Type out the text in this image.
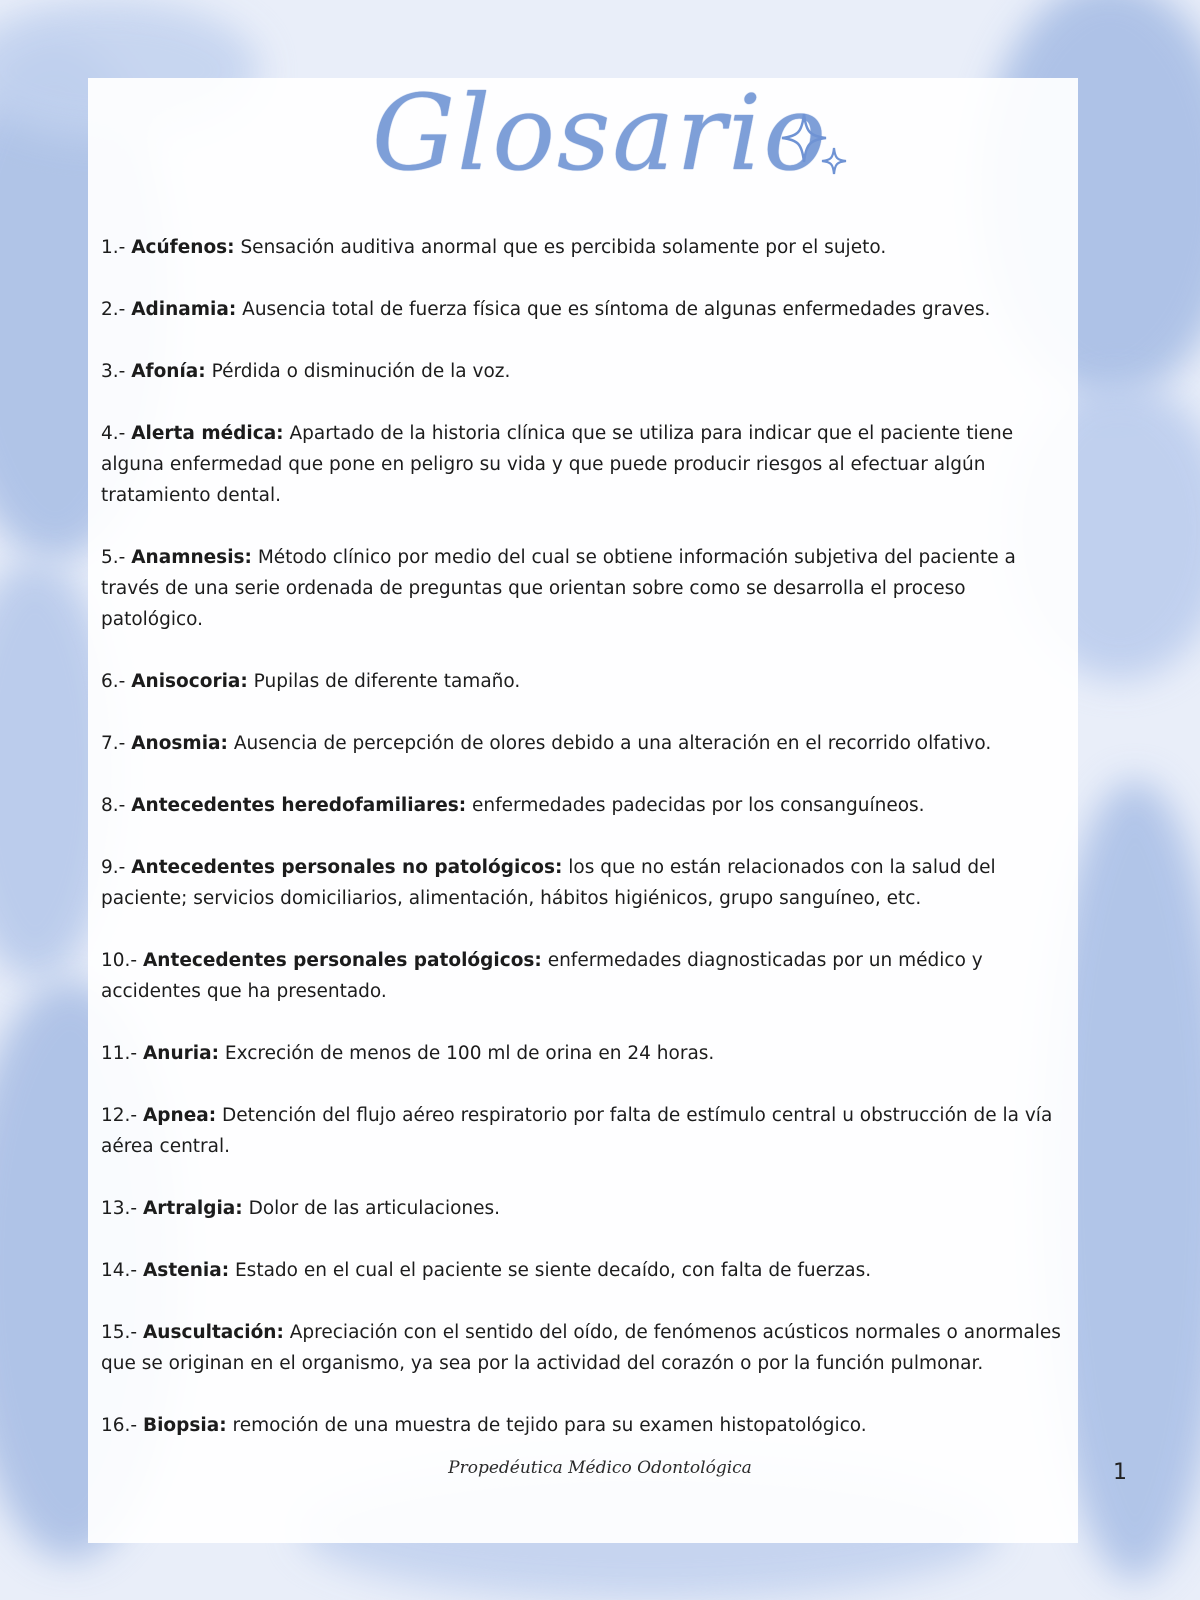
Glosario
1.- Acúfenos: Sensación auditiva anormal que es percibida solamente por el sujeto.
2.- Adinamia: Ausencia total de fuerza física que es síntoma de algunas enfermedades graves.
3.- Afonía: Pérdida o disminución de la voz.
4.- Alerta médica: Apartado de la historia clínica que se utiliza para indicar que el paciente tiene alguna enfermedad que pone en peligro su vida y que puede producir riesgos al efectuar algún tratamiento dental.
5.- Anamnesis: Método clínico por medio del cual se obtiene información subjetiva del paciente a través de una serie ordenada de preguntas que orientan sobre como se desarrolla el proceso patológico.
6.- Anisocoria: Pupilas de diferente tamaño.
7.- Anosmia: Ausencia de percepción de olores debido a una alteración en el recorrido olfativo.
8.- Antecedentes heredofamiliares: enfermedades padecidas por los consanguíneos.
9.- Antecedentes personales no patológicos: los que no están relacionados con la salud del paciente; servicios domiciliarios, alimentación, hábitos higiénicos, grupo sanguíneo, etc.
10.- Antecedentes personales patológicos: enfermedades diagnosticadas por un médico y accidentes que ha presentado.
11.- Anuria: Excreción de menos de 100 ml de orina en 24 horas.
12.- Apnea: Detención del flujo aéreo respiratorio por falta de estímulo central u obstrucción de la vía aérea central.
13.- Artralgia: Dolor de las articulaciones.
14.- Astenia: Estado en el cual el paciente se siente decaído, con falta de fuerzas.
15.- Auscultación: Apreciación con el sentido del oído, de fenómenos acústicos normales o anormales que se originan en el organismo, ya sea por la actividad del corazón o por la función pulmonar.
16.- Biopsia: remoción de una muestra de tejido para su examen histopatológico.
Propedéutica Médico Odontológica	1
